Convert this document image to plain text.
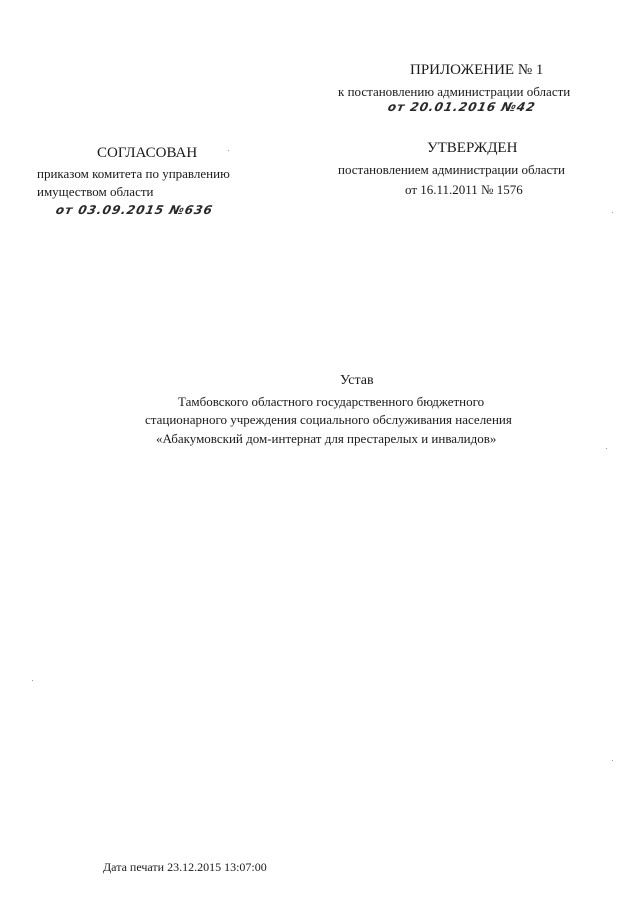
ПРИЛОЖЕНИЕ № 1
к постановлению администрации области
от 20.01.2016 №42
СОГЛАСОВАН
приказом комитета по управлению
имуществом области
от 03.09.2015 №636
УТВЕРЖДЕН
постановлением администрации области
от 16.11.2011 № 1576
Устав
Тамбовского областного государственного бюджетного
стационарного учреждения социального обслуживания населения
«Абакумовский дом-интернат для престарелых и инвалидов»
Дата печати 23.12.2015 13:07:00
